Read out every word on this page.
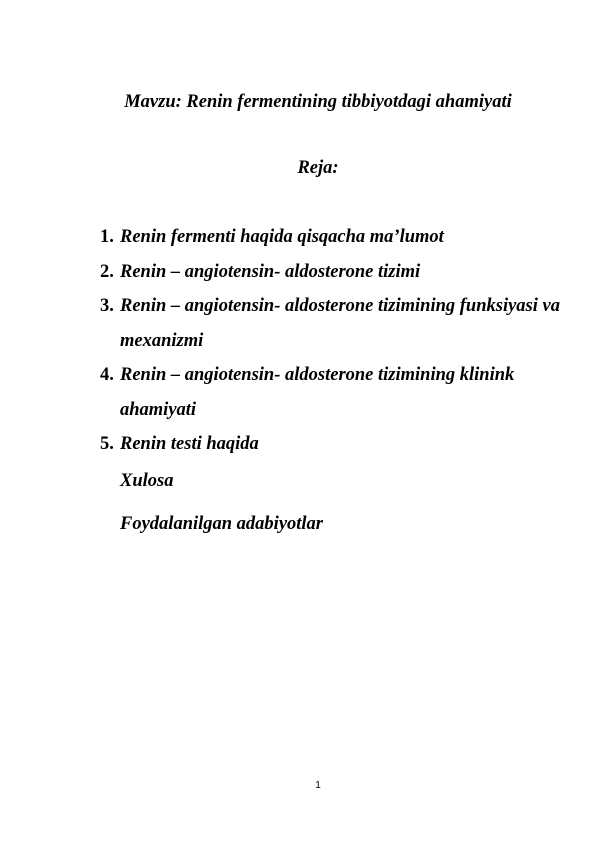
Mavzu: Renin fermentining tibbiyotdagi ahamiyati
Reja:
1. Renin fermenti haqida qisqacha ma’lumot
2. Renin – angiotensin- aldosterone tizimi
3. Renin – angiotensin- aldosterone tizimining funksiyasi va mexanizmi
4. Renin – angiotensin- aldosterone tizimining klinink ahamiyati
5. Renin testi haqida
Xulosa
Foydalanilgan adabiyotlar
1
